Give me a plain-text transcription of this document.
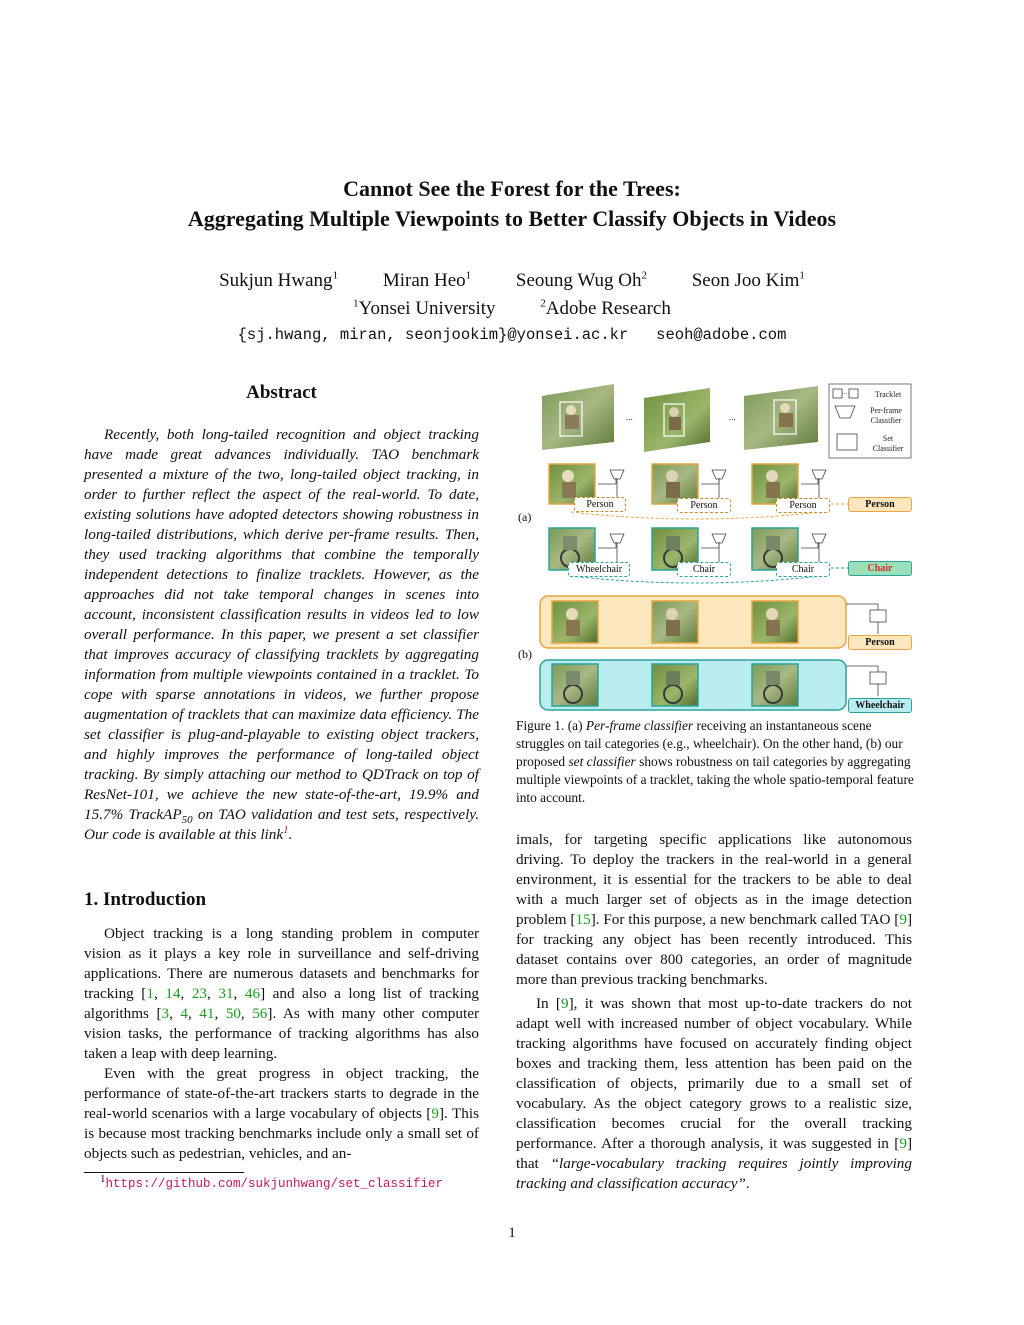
Cannot See the Forest for the Trees:
Aggregating Multiple Viewpoints to Better Classify Objects in Videos
Sukjun Hwang$^1$ Miran Heo$^1$ Seoung Wug Oh$^2$ Seon Joo Kim$^1$
$^1$Yonsei University	$^2$Adobe Research
{sj.hwang, miran, seonjookim}@yonsei.ac.kr   seoh@adobe.com
Abstract
Recently, both long-tailed recognition and object tracking have made great advances individually. TAO benchmark presented a mixture of the two, long-tailed object tracking, in order to further reflect the aspect of the real-world. To date, existing solutions have adopted detectors showing robustness in long-tailed distributions, which derive per-frame results. Then, they used tracking algorithms that combine the temporally independent detections to finalize tracklets. However, as the approaches did not take temporal changes in scenes into account, inconsistent classification results in videos led to low overall performance. In this paper, we present a set classifier that improves accuracy of classifying tracklets by aggregating information from multiple viewpoints contained in a tracklet. To cope with sparse annotations in videos, we further propose augmentation of tracklets that can maximize data efficiency. The set classifier is plug-and-playable to existing object trackers, and highly improves the performance of long-tailed object tracking. By simply attaching our method to QDTrack on top of ResNet-101, we achieve the new state-of-the-art, 19.9% and 15.7% TrackAP$_{50}$ on TAO validation and test sets, respectively. Our code is available at this link$^1$.
1. Introduction

Object tracking is a long standing problem in computer vision as it plays a key role in surveillance and self-driving applications. There are numerous datasets and benchmarks for tracking [1, 14, 23, 31, 46] and also a long list of tracking algorithms [3, 4, 41, 50, 56]. As with many other computer vision tasks, the performance of tracking algorithms has also taken a leap with deep learning.

Even with the great progress in object tracking, the performance of state-of-the-art trackers starts to degrade in the real-world scenarios with a large vocabulary of objects [9]. This is because most tracking benchmarks include only a small set of objects such as pedestrian, vehicles, and an-

$^1$https://github.com/sukjunhwang/set_classifier
...	...
Tracklet
Per-frame Classifier
Set Classifier
(a)
(b)
Person	Person	Person	Person
Wheelchair	Chair	Chair	Chair
Person
Wheelchair
Figure 1. (a) Per-frame classifier receiving an instantaneous scene struggles on tail categories (e.g., wheelchair). On the other hand, (b) our proposed set classifier shows robustness on tail categories by aggregating multiple viewpoints of a tracklet, taking the whole spatio-temporal feature into account.

imals, for targeting specific applications like autonomous driving. To deploy the trackers in the real-world in a general environment, it is essential for the trackers to be able to deal with a much larger set of objects as in the image detection problem [15]. For this purpose, a new benchmark called TAO [9] for tracking any object has been recently introduced. This dataset contains over 800 categories, an order of magnitude more than previous tracking benchmarks.

In [9], it was shown that most up-to-date trackers do not adapt well with increased number of object vocabulary. While tracking algorithms have focused on accurately finding object boxes and tracking them, less attention has been paid on the classification of objects, primarily due to a small set of vocabulary. As the object category grows to a realistic size, classification becomes crucial for the overall tracking performance. After a thorough analysis, it was suggested in [9] that “large-vocabulary tracking requires jointly improving tracking and classification accuracy”.

1
